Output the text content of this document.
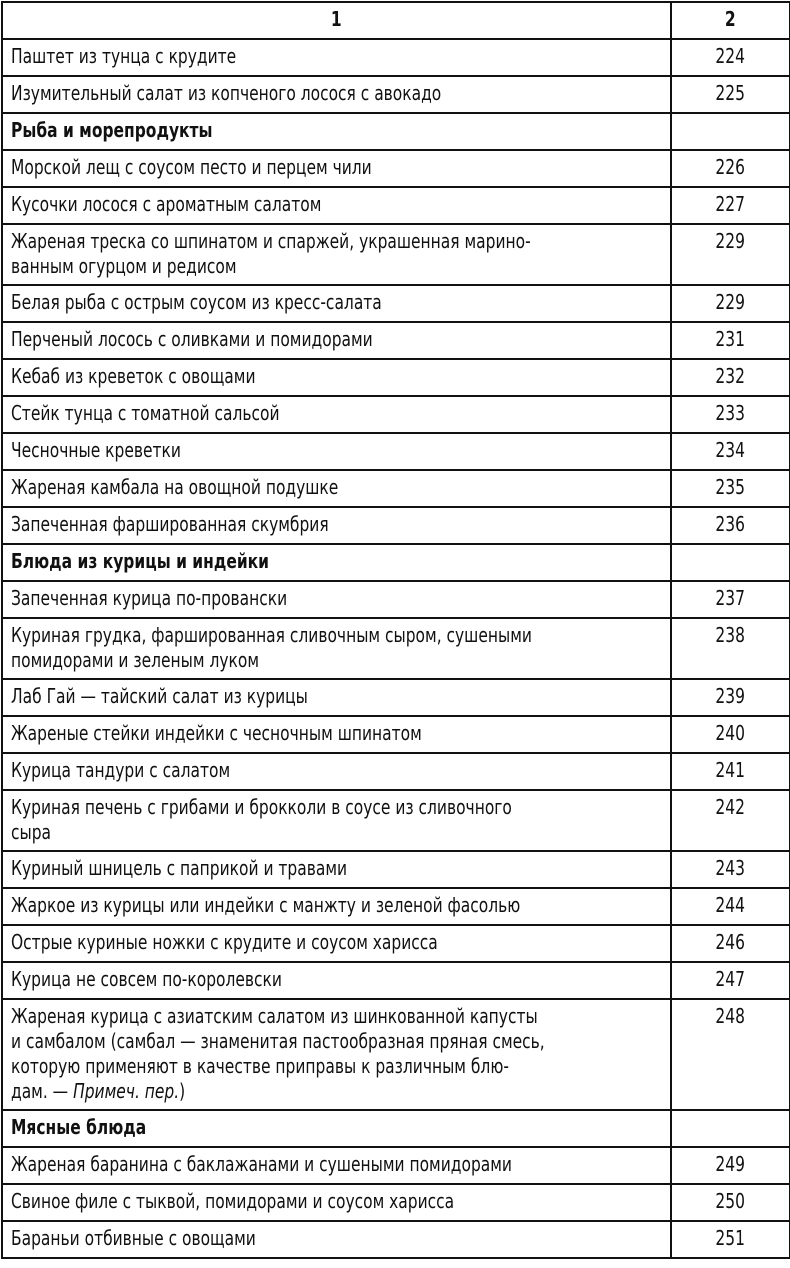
1	2
Паштет из тунца с крудите	224
Изумительный салат из копченого лосося с авокадо	225
Рыба и морепродукты	
Морской лещ с соусом песто и перцем чили	226
Кусочки лосося с ароматным салатом	227
Жареная треска со шпинатом и спаржей, украшенная марино-
ванным огурцом и редисом	229
Белая рыба с острым соусом из кресс-салата	229
Перченый лосось с оливками и помидорами	231
Кебаб из креветок с овощами	232
Стейк тунца с томатной сальсой	233
Чесночные креветки	234
Жареная камбала на овощной подушке	235
Запеченная фаршированная скумбрия	236
Блюда из курицы и индейки	
Запеченная курица по-провански	237
Куриная грудка, фаршированная сливочным сыром, сушеными
помидорами и зеленым луком	238
Лаб Гай — тайский салат из курицы	239
Жареные стейки индейки с чесночным шпинатом	240
Курица тандури с салатом	241
Куриная печень с грибами и брокколи в соусе из сливочного
сыра	242
Куриный шницель с паприкой и травами	243
Жаркое из курицы или индейки с манжту и зеленой фасолью	244
Острые куриные ножки с крудите и соусом харисса	246
Курица не совсем по-королевски	247
Жареная курица с азиатским салатом из шинкованной капусты
и самбалом (самбал — знаменитая пастообразная пряная смесь,
которую применяют в качестве приправы к различным блю-
дам. — Примеч. пер.)	248
Мясные блюда	
Жареная баранина с баклажанами и сушеными помидорами	249
Свиное филе с тыквой, помидорами и соусом харисса	250
Бараньи отбивные с овощами	251
